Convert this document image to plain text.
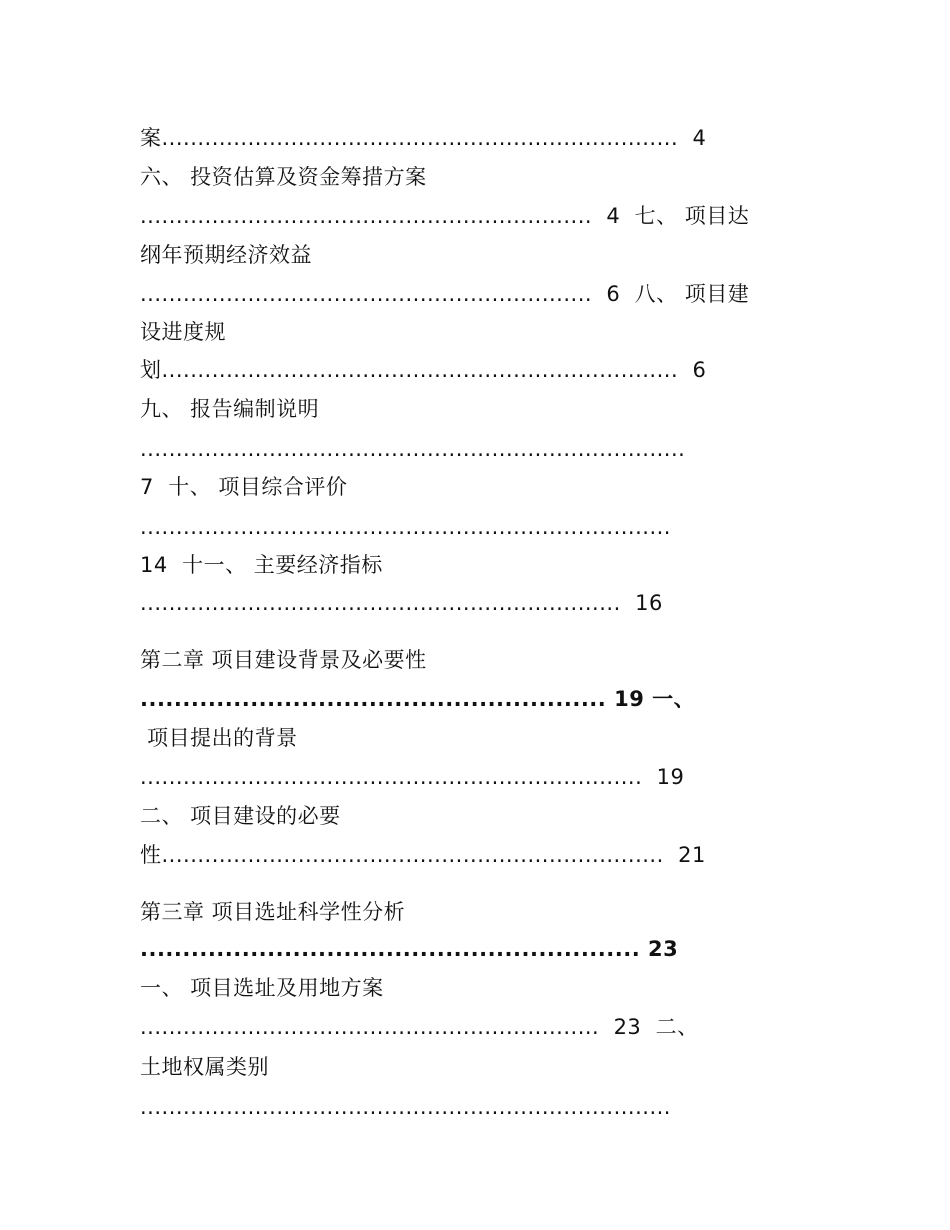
案........................................................................  4
六、 投资估算及资金筹措方案
...............................................................  4  七、 项目达
纲年预期经济效益
...............................................................  6  八、 项目建
设进度规
划........................................................................  6
九、 报告编制说明
............................................................................
7  十、 项目综合评价
..........................................................................
14  十一、 主要经济指标
...................................................................  16
第二章 项目建设背景及必要性
....................................................... 19 一、
项目提出的背景
......................................................................  19
二、 项目建设的必要
性......................................................................  21
第三章 项目选址科学性分析
........................................................... 23
一、 项目选址及用地方案
................................................................  23  二、
土地权属类别
..........................................................................
